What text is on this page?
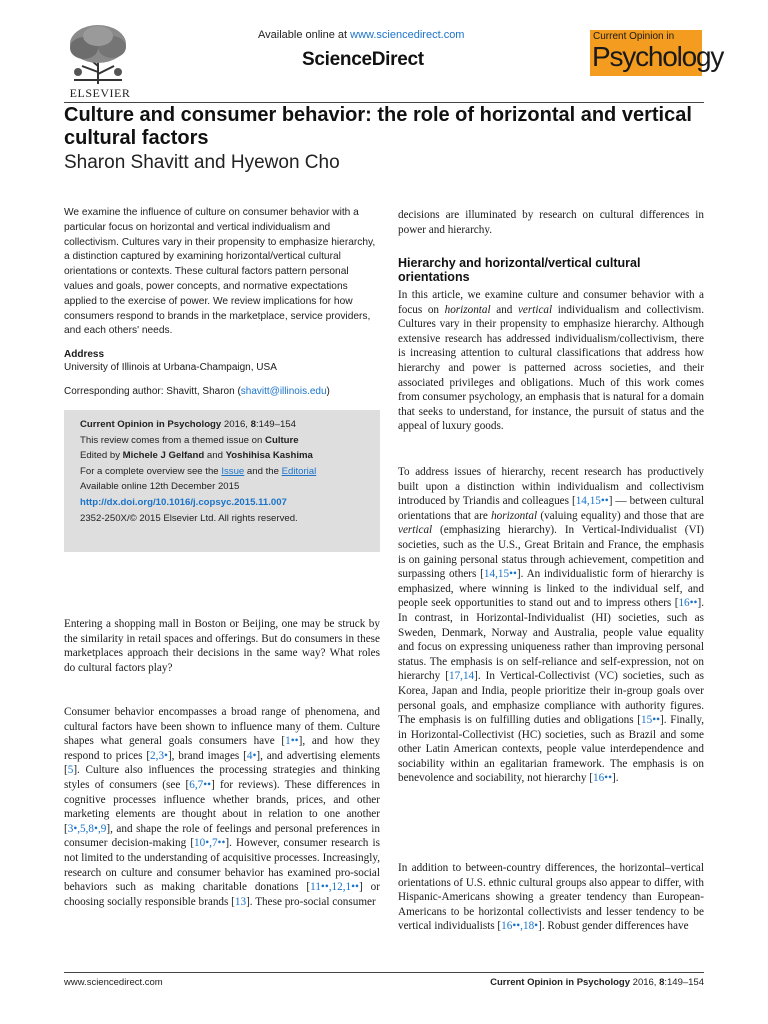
ELSEVIER
Available online at www.sciencedirect.com
ScienceDirect
Current Opinion in
Psychology
Culture and consumer behavior: the role of horizontal and vertical cultural factors
Sharon Shavitt and Hyewon Cho

We examine the influence of culture on consumer behavior with a particular focus on horizontal and vertical individualism and collectivism. Cultures vary in their propensity to emphasize hierarchy, a distinction captured by examining horizontal/vertical cultural orientations or contexts. These cultural factors pattern personal values and goals, power concepts, and normative expectations applied to the exercise of power. We review implications for how consumers respond to brands in the marketplace, service providers, and each others' needs.

Address
University of Illinois at Urbana-Champaign, USA
Corresponding author: Shavitt, Sharon (shavitt@illinois.edu)
Current Opinion in Psychology 2016, 8:149–154
This review comes from a themed issue on Culture
Edited by Michele J Gelfand and Yoshihisa Kashima
For a complete overview see the Issue and the Editorial
Available online 12th December 2015
http://dx.doi.org/10.1016/j.copsyc.2015.11.007
2352-250X/© 2015 Elsevier Ltd. All rights reserved.

Entering a shopping mall in Boston or Beijing, one may be struck by the similarity in retail spaces and offerings. But do consumers in these marketplaces approach their decisions in the same way? What roles do cultural factors play?

Consumer behavior encompasses a broad range of phenomena, and cultural factors have been shown to influence many of them. Culture shapes what general goals consumers have [1••], and how they respond to prices [2,3•], brand images [4•], and advertising elements [5]. Culture also influences the processing strategies and thinking styles of consumers (see [6,7••] for reviews). These differences in cognitive processes influence whether brands, prices, and other marketing elements are thought about in relation to one another [3•,5,8•,9], and shape the role of feelings and personal preferences in consumer decision-making [10•,7••]. However, consumer research is not limited to the understanding of acquisitive processes. Increasingly, research on culture and consumer behavior has examined pro-social behaviors such as making charitable donations [11••,12,1••] or choosing socially responsible brands [13]. These pro-social consumer

decisions are illuminated by research on cultural differences in power and hierarchy.

Hierarchy and horizontal/vertical cultural orientations

In this article, we examine culture and consumer behavior with a focus on horizontal and vertical individualism and collectivism. Cultures vary in their propensity to emphasize hierarchy. Although extensive research has addressed individualism/collectivism, there is increasing attention to cultural classifications that address how hierarchy and power is patterned across societies, and their associated privileges and obligations. Much of this work comes from consumer psychology, an emphasis that is natural for a domain that seeks to understand, for instance, the pursuit of status and the appeal of luxury goods.

To address issues of hierarchy, recent research has productively built upon a distinction within individualism and collectivism introduced by Triandis and colleagues [14,15••] — between cultural orientations that are horizontal (valuing equality) and those that are vertical (emphasizing hierarchy). In Vertical-Individualist (VI) societies, such as the U.S., Great Britain and France, the emphasis is on gaining personal status through achievement, competition and surpassing others [14,15••]. An individualistic form of hierarchy is emphasized, where winning is linked to the individual self, and people seek opportunities to stand out and to impress others [16••]. In contrast, in Horizontal-Individualist (HI) societies, such as Sweden, Denmark, Norway and Australia, people value equality and focus on expressing uniqueness rather than improving personal status. The emphasis is on self-reliance and self-expression, not on hierarchy [17,14]. In Vertical-Collectivist (VC) societies, such as Korea, Japan and India, people prioritize their in-group goals over personal goals, and emphasize compliance with authority figures. The emphasis is on fulfilling duties and obligations [15••]. Finally, in Horizontal-Collectivist (HC) societies, such as Brazil and some other Latin American contexts, people value interdependence and sociability within an egalitarian framework. The emphasis is on benevolence and sociability, not hierarchy [16••].

In addition to between-country differences, the horizontal–vertical orientations of U.S. ethnic cultural groups also appear to differ, with Hispanic-Americans showing a greater tendency than European-Americans to be horizontal collectivists and lesser tendency to be vertical individualists [16••,18•]. Robust gender differences have

www.sciencedirect.com	Current Opinion in Psychology 2016, 8:149–154
